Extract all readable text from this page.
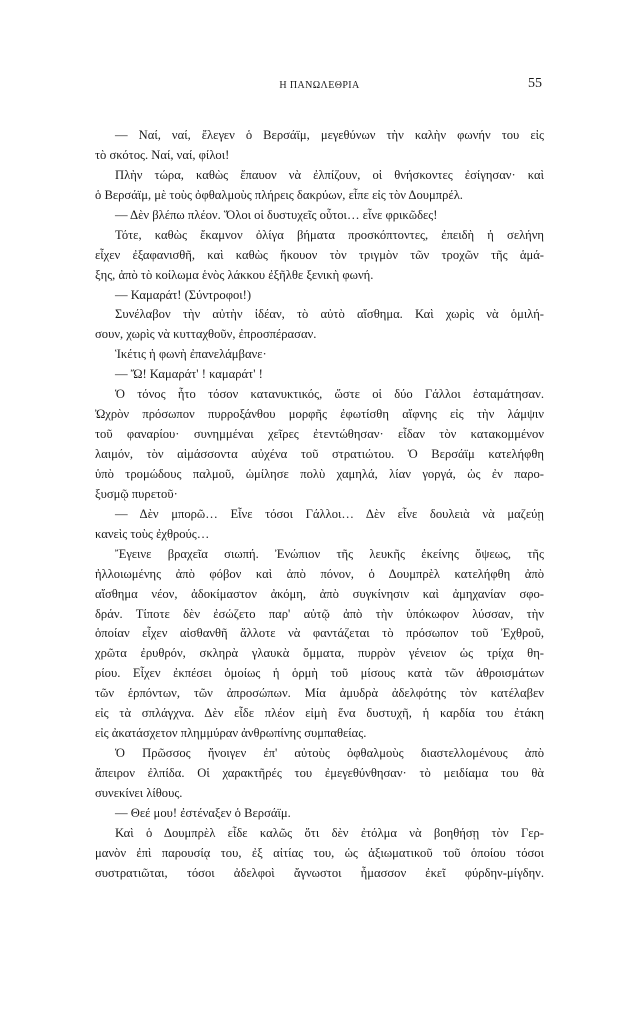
Η ΠΑΝΩΛΕΘΡΙΑ	55
— Ναί, ναί, ἔλεγεν ὁ Βερσάϊμ, μεγεθύνων τὴν καλὴν φωνήν του εἰς
τὸ σκότος. Ναί, ναί, φίλοι!
Πλὴν τώρα, καθὼς ἔπαυον νὰ ἐλπίζουν, οἱ θνήσκοντες ἐσίγησαν· καὶ
ὁ Βερσάϊμ, μὲ τοὺς ὀφθαλμοὺς πλήρεις δακρύων, εἶπε εἰς τὸν Δουμπρέλ.
— Δὲν βλέπω πλέον. Ὅλοι οἱ δυστυχεῖς οὗτοι… εἶνε φρικῶδες!
Τότε, καθὼς ἔκαμνον ὀλίγα βήματα προσκόπτοντες, ἐπειδὴ ἡ σελήνη
εἶχεν ἐξαφανισθῆ, καὶ καθὼς ἤκουον τὸν τριγμὸν τῶν τροχῶν τῆς ἁμά-
ξης, ἀπὸ τὸ κοίλωμα ἑνὸς λάκκου ἐξῆλθε ξενικὴ φωνή.
— Καμαράτ! (Σύντροφοι!)
Συνέλαβον τὴν αὐτὴν ἰδέαν, τὸ αὐτὸ αἴσθημα. Καὶ χωρὶς νὰ ὁμιλή-
σουν, χωρὶς νὰ κυτταχθοῦν, ἐπροσπέρασαν.
Ἱκέτις ἡ φωνὴ ἐπανελάμβανε·
— Ὤ! Καμαράτ' ! καμαράτ' !
Ὁ τόνος ἦτο τόσον κατανυκτικός, ὥστε οἱ δύο Γάλλοι ἐσταμάτησαν.
Ὠχρὸν πρόσωπον πυρροξάνθου μορφῆς ἐφωτίσθη αἴφνης εἰς τὴν λάμψιν
τοῦ φαναρίου· συνημμέναι χεῖρες ἐτεντώθησαν· εἶδαν τὸν κατακομμένον
λαιμόν, τὸν αἱμάσσοντα αὐχένα τοῦ στρατιώτου. Ὁ Βερσάϊμ κατελήφθη
ὑπὸ τρομώδους παλμοῦ, ὡμίλησε πολὺ χαμηλά, λίαν γοργά, ὡς ἐν παρο-
ξυσμῷ πυρετοῦ·
— Δὲν μπορῶ… Εἶνε τόσοι Γάλλοι… Δὲν εἶνε δουλειὰ νὰ μαζεύῃ
κανεὶς τοὺς ἐχθρούς…
Ἔγεινε βραχεῖα σιωπή. Ἐνώπιον τῆς λευκῆς ἐκείνης ὄψεως, τῆς
ἠλλοιωμένης ἀπὸ φόβον καὶ ἀπὸ πόνον, ὁ Δουμπρὲλ κατελήφθη ἀπὸ
αἴσθημα νέον, ἀδοκίμαστον ἀκόμη, ἀπὸ συγκίνησιν καὶ ἀμηχανίαν σφο-
δράν. Τίποτε δὲν ἐσώζετο παρ' αὐτῷ ἀπὸ τὴν ὑπόκωφον λύσσαν, τὴν
ὁποίαν εἶχεν αἰσθανθῆ ἄλλοτε νὰ φαντάζεται τὸ πρόσωπον τοῦ Ἐχθροῦ,
χρῶτα ἐρυθρόν, σκληρὰ γλαυκὰ ὄμματα, πυρρὸν γένειον ὡς τρίχα θη-
ρίου. Εἶχεν ἐκπέσει ὁμοίως ἡ ὁρμὴ τοῦ μίσους κατὰ τῶν ἀθροισμάτων
τῶν ἑρπόντων, τῶν ἀπροσώπων. Μία ἀμυδρὰ ἀδελφότης τὸν κατέλαβεν
εἰς τὰ σπλάγχνα. Δὲν εἶδε πλέον εἰμὴ ἕνα δυστυχῆ, ἡ καρδία του ἐτάκη
εἰς ἀκατάσχετον πλημμύραν ἀνθρωπίνης συμπαθείας.
Ὁ Πρῶσσος ἤνοιγεν ἐπ' αὐτοὺς ὀφθαλμοὺς διαστελλομένους ἀπὸ
ἄπειρον ἐλπίδα. Οἱ χαρακτῆρές του ἐμεγεθύνθησαν· τὸ μειδίαμα του θὰ
συνεκίνει λίθους.
— Θεέ μου! ἐστέναξεν ὁ Βερσάϊμ.
Καὶ ὁ Δουμπρὲλ εἶδε καλῶς ὅτι δὲν ἐτόλμα νὰ βοηθήσῃ τὸν Γερ-
μανὸν ἐπὶ παρουσίᾳ του, ἐξ αἰτίας του, ὡς ἀξιωματικοῦ τοῦ ὁποίου τόσοι
συστρατιῶται, τόσοι ἀδελφοὶ ἄγνωστοι ἦμασσον ἐκεῖ φύρδην-μίγδην.
